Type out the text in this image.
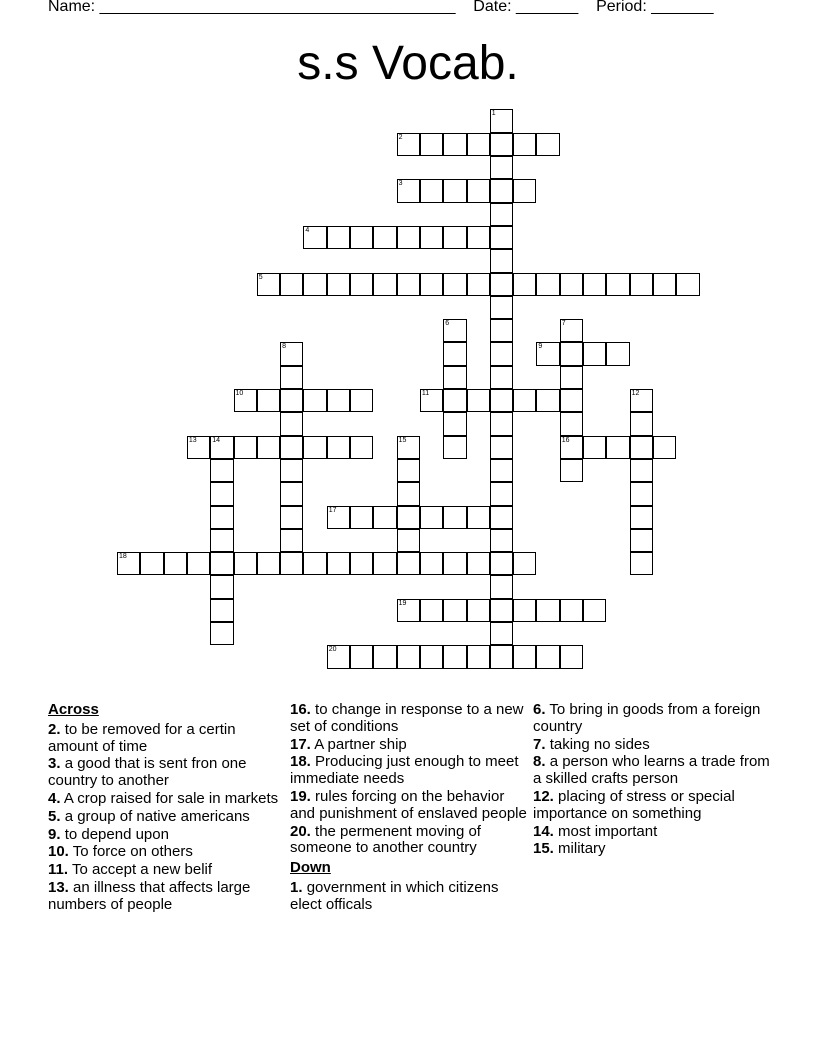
Name: ________________________________________ Date: _______ Period: _______
s.s Vocab.
1
2
3
4
5
6	7
16
8	9
10	11	12
13 14	15
17
18
19
20
Across
2. to be removed for a certin amount of time
3. a good that is sent fron one country to another
4. A crop raised for sale in markets
5. a group of native americans
9. to depend upon
10. To force on others
11. To accept a new belif
13. an illness that affects large numbers of people
16. to change in response to a new set of conditions
17. A partner ship
18. Producing just enough to meet immediate needs
19. rules forcing on the behavior and punishment of enslaved people
20. the permenent moving of someone to another country
Down
1. government in which citizens elect officals
6. To bring in goods from a foreign country
7. taking no sides
8. a person who learns a trade from a skilled crafts person
12. placing of stress or special importance on something
14. most important
15. military
